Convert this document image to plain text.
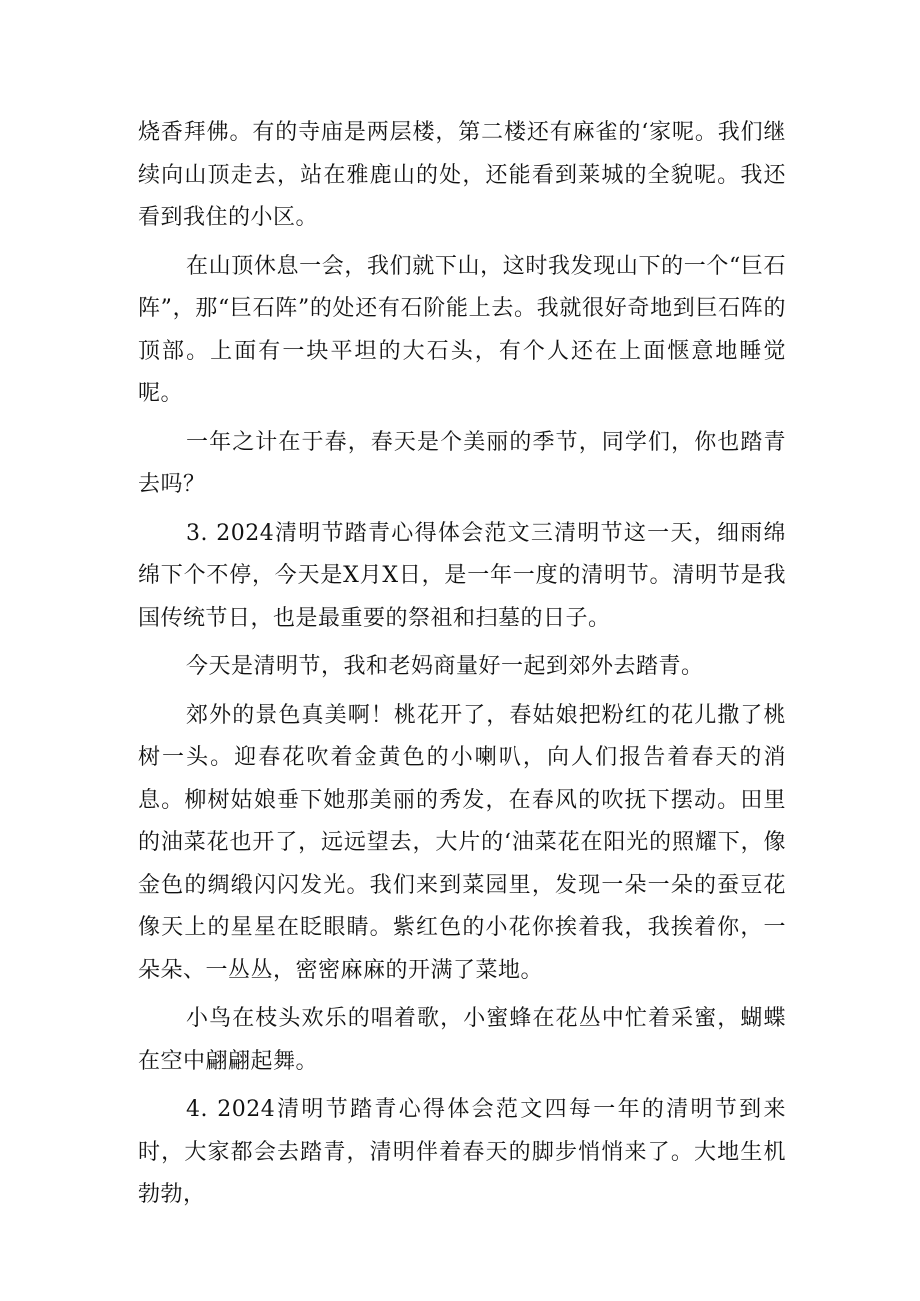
烧香拜佛。有的寺庙是两层楼，第二楼还有麻雀的‘家呢。我们继续向山顶走去，站在雅鹿山的处，还能看到莱城的全貌呢。我还看到我住的小区。

在山顶休息一会，我们就下山，这时我发现山下的一个“巨石阵”，那“巨石阵”的处还有石阶能上去。我就很好奇地到巨石阵的顶部。上面有一块平坦的大石头，有个人还在上面惬意地睡觉呢。

一年之计在于春，春天是个美丽的季节，同学们，你也踏青去吗？

3. 2024清明节踏青心得体会范文三清明节这一天，细雨绵绵下个不停，今天是X月X日，是一年一度的清明节。清明节是我国传统节日，也是最重要的祭祖和扫墓的日子。

今天是清明节，我和老妈商量好一起到郊外去踏青。

郊外的景色真美啊！桃花开了，春姑娘把粉红的花儿撒了桃树一头。迎春花吹着金黄色的小喇叭，向人们报告着春天的消息。柳树姑娘垂下她那美丽的秀发，在春风的吹抚下摆动。田里的油菜花也开了，远远望去，大片的‘油菜花在阳光的照耀下，像金色的绸缎闪闪发光。我们来到菜园里，发现一朵一朵的蚕豆花像天上的星星在眨眼睛。紫红色的小花你挨着我，我挨着你，一朵朵、一丛丛，密密麻麻的开满了菜地。

小鸟在枝头欢乐的唱着歌，小蜜蜂在花丛中忙着采蜜，蝴蝶在空中翩翩起舞。

4. 2024清明节踏青心得体会范文四每一年的清明节到来时，大家都会去踏青，清明伴着春天的脚步悄悄来了。大地生机勃勃，
